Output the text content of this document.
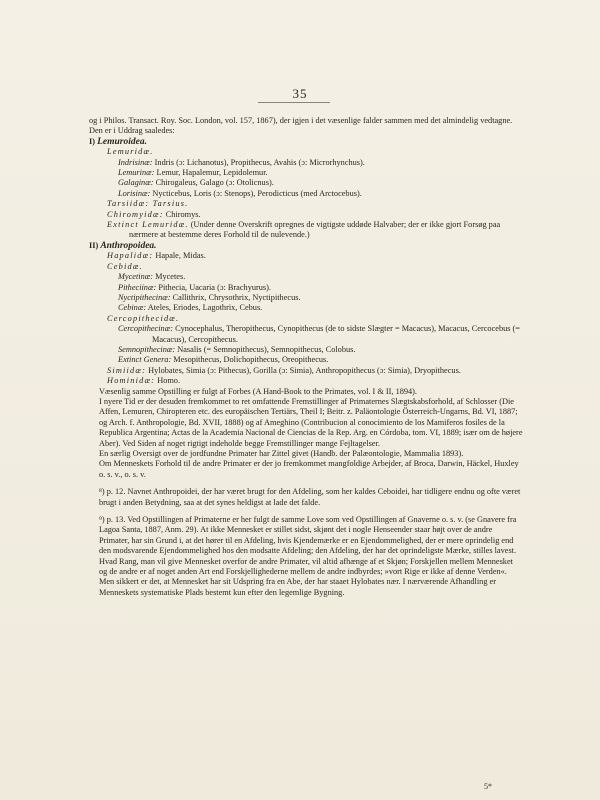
35

og i Philos. Transact. Roy. Soc. London, vol. 157, 1867), der igjen i det væsenlige falder sammen med det almindelig vedtagne. Den er i Uddrag saaledes:

I) Lemuroidea.

Lemuridæ.

Indrisinæ: Indris (ɔ: Lichanotus), Propithecus, Avahis (ɔ: Microrhynchus).

Lemurinæ: Lemur, Hapalemur, Lepidolemur.

Galaginæ: Chirogaleus, Galago (ɔ: Otolicnus).

Lorisinæ: Nycticebus, Loris (ɔ: Stenops), Perodicticus (med Arctocebus).

Tarsiidæ: Tarsius.

Chiromyidæ: Chiromys.

Extinct Lemuridæ. (Under denne Overskrift opregnes de vigtigste uddøde Halvaber; der er ikke gjort Forsøg paa nærmere at bestemme deres Forhold til de nulevende.)

II) Anthropoidea.

Hapalidæ: Hapale, Midas.

Cebidæ.

Mycetinæ: Mycetes.

Pitheciinæ: Pithecia, Uacaria (ɔ: Brachyurus).

Nyctipithecinæ: Callithrix, Chrysothrix, Nyctipithecus.

Cebinæ: Ateles, Eriodes, Lagothrix, Cebus.

Cercopithecidæ.

Cercopithecinæ: Cynocephalus, Theropithecus, Cynopithecus (de to sidste Slægter = Macacus), Macacus, Cercocebus (= Macacus), Cercopithecus.

Semnopithecinæ: Nasalis (= Semnopithecus), Semnopithecus, Colobus.

Extinct Genera: Mesopithecus, Dolichopithecus, Oreopithecus.

Simiidæ: Hylobates, Simia (ɔ: Pithecus), Gorilla (ɔ: Simia), Anthropopithecus (ɔ: Simia), Dryopithecus.

Hominidæ: Homo.

Væsenlig samme Opstilling er fulgt af Forbes (A Hand-Book to the Primates, vol. I & II, 1894).

I nyere Tid er der desuden fremkommet to ret omfattende Fremstillinger af Primaternes Slægtskabsforhold, af Schlosser (Die Affen, Lemuren, Chiropteren etc. des europäischen Tertiärs, Theil I; Beitr. z. Paläontologie Österreich-Ungarns, Bd. VI, 1887; og Arch. f. Anthropologie, Bd. XVII, 1888) og af Ameghino (Contribucion al conocimiento de los Mamiferos fosiles de la Republica Argentina; Actas de la Academia Nacional de Ciencias de la Rep. Arg. en Córdoba, tom. VI, 1889; især om de højere Aber). Ved Siden af noget rigtigt indeholde begge Fremstillinger mange Fejltagelser.

En særlig Oversigt over de jordfundne Primater har Zittel givet (Handb. der Palæontologie, Mammalia 1893).

Om Menneskets Forhold til de andre Primater er der jo fremkommet mangfoldige Arbejder, af Broca, Darwin, Häckel, Huxley o. s. v., o. s. v.

⁸) p. 12. Navnet Anthropoidei, der har været brugt for den Afdeling, som her kaldes Ceboidei, har tidligere endnu og ofte været brugt i anden Betydning, saa at det synes heldigst at lade det falde.

⁹) p. 13. Ved Opstillingen af Primaterne er her fulgt de samme Love som ved Opstillingen af Gnaverne o. s. v. (se Gnavere fra Lagoa Santa, 1887, Anm. 29). At ikke Mennesket er stillet sidst, skjønt det i nogle Henseender staar højt over de andre Primater, har sin Grund i, at det hører til en Afdeling, hvis Kjendemærke er en Ejendommelighed, der er mere oprindelig end den modsvarende Ejendommelighed hos den modsatte Afdeling; den Afdeling, der har det oprindeligste Mærke, stilles lavest. Hvad Rang, man vil give Mennesket overfor de andre Primater, vil altid afhænge af et Skjøn; Forskjellen mellem Mennesket og de andre er af noget anden Art end Forskjellighederne mellem de andre indbyrdes; »vort Rige er ikke af denne Verden«. Men sikkert er det, at Mennesket har sit Udspring fra en Abe, der har staaet Hylobates nær. I nærværende Afhandling er Menneskets systematiske Plads bestemt kun efter den legemlige Bygning.

5*
